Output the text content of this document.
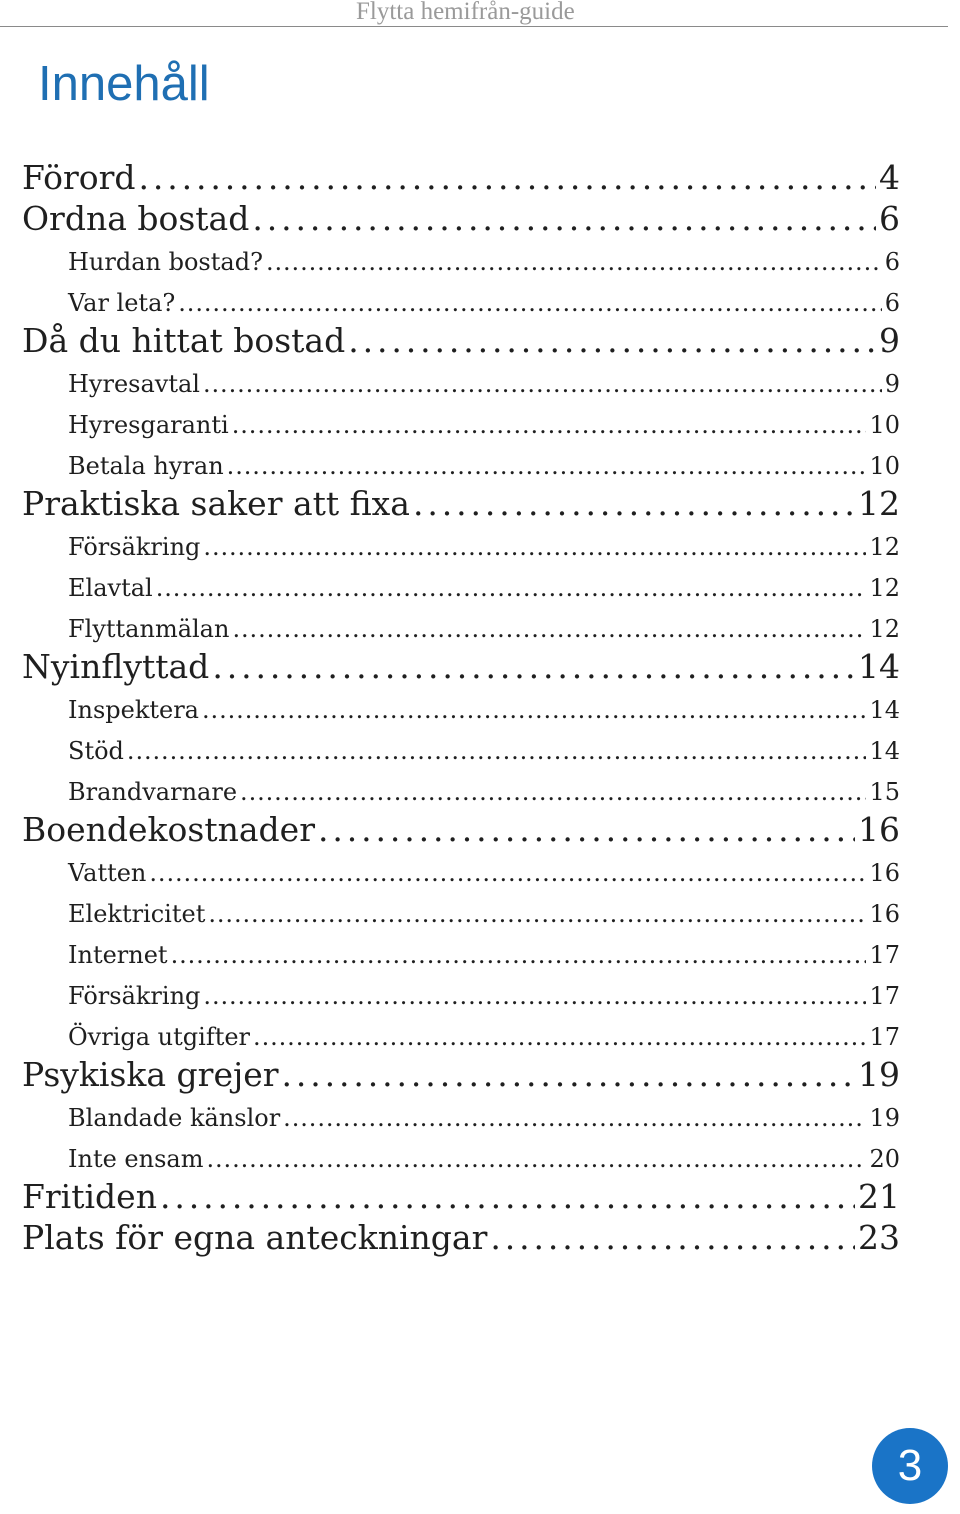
Flytta hemifrån-guide
Innehåll
Förord . . .	4
Ordna bostad . . .	6
Hurdan bostad? . . .	6
Var leta? . . .	6
Då du hittat bostad . . .	9
Hyresavtal . . .	9
Hyresgaranti . . .	10
Betala hyran . . .	10
Praktiska saker att fixa . . .	12
Försäkring . . .	12
Elavtal . . .	12
Flyttanmälan . . .	12
Nyinflyttad . . .	14
Inspektera . . .	14
Stöd . . .	14
Brandvarnare . . .	15
Boendekostnader . . .	16
Vatten . . .	16
Elektricitet . . .	16
Internet . . .	17
Försäkring . . .	17
Övriga utgifter . . .	17
Psykiska grejer . . .	19
Blandade känslor . . .	19
Inte ensam . . .	20
Fritiden . . .	21
Plats för egna anteckningar . . .	23
3
